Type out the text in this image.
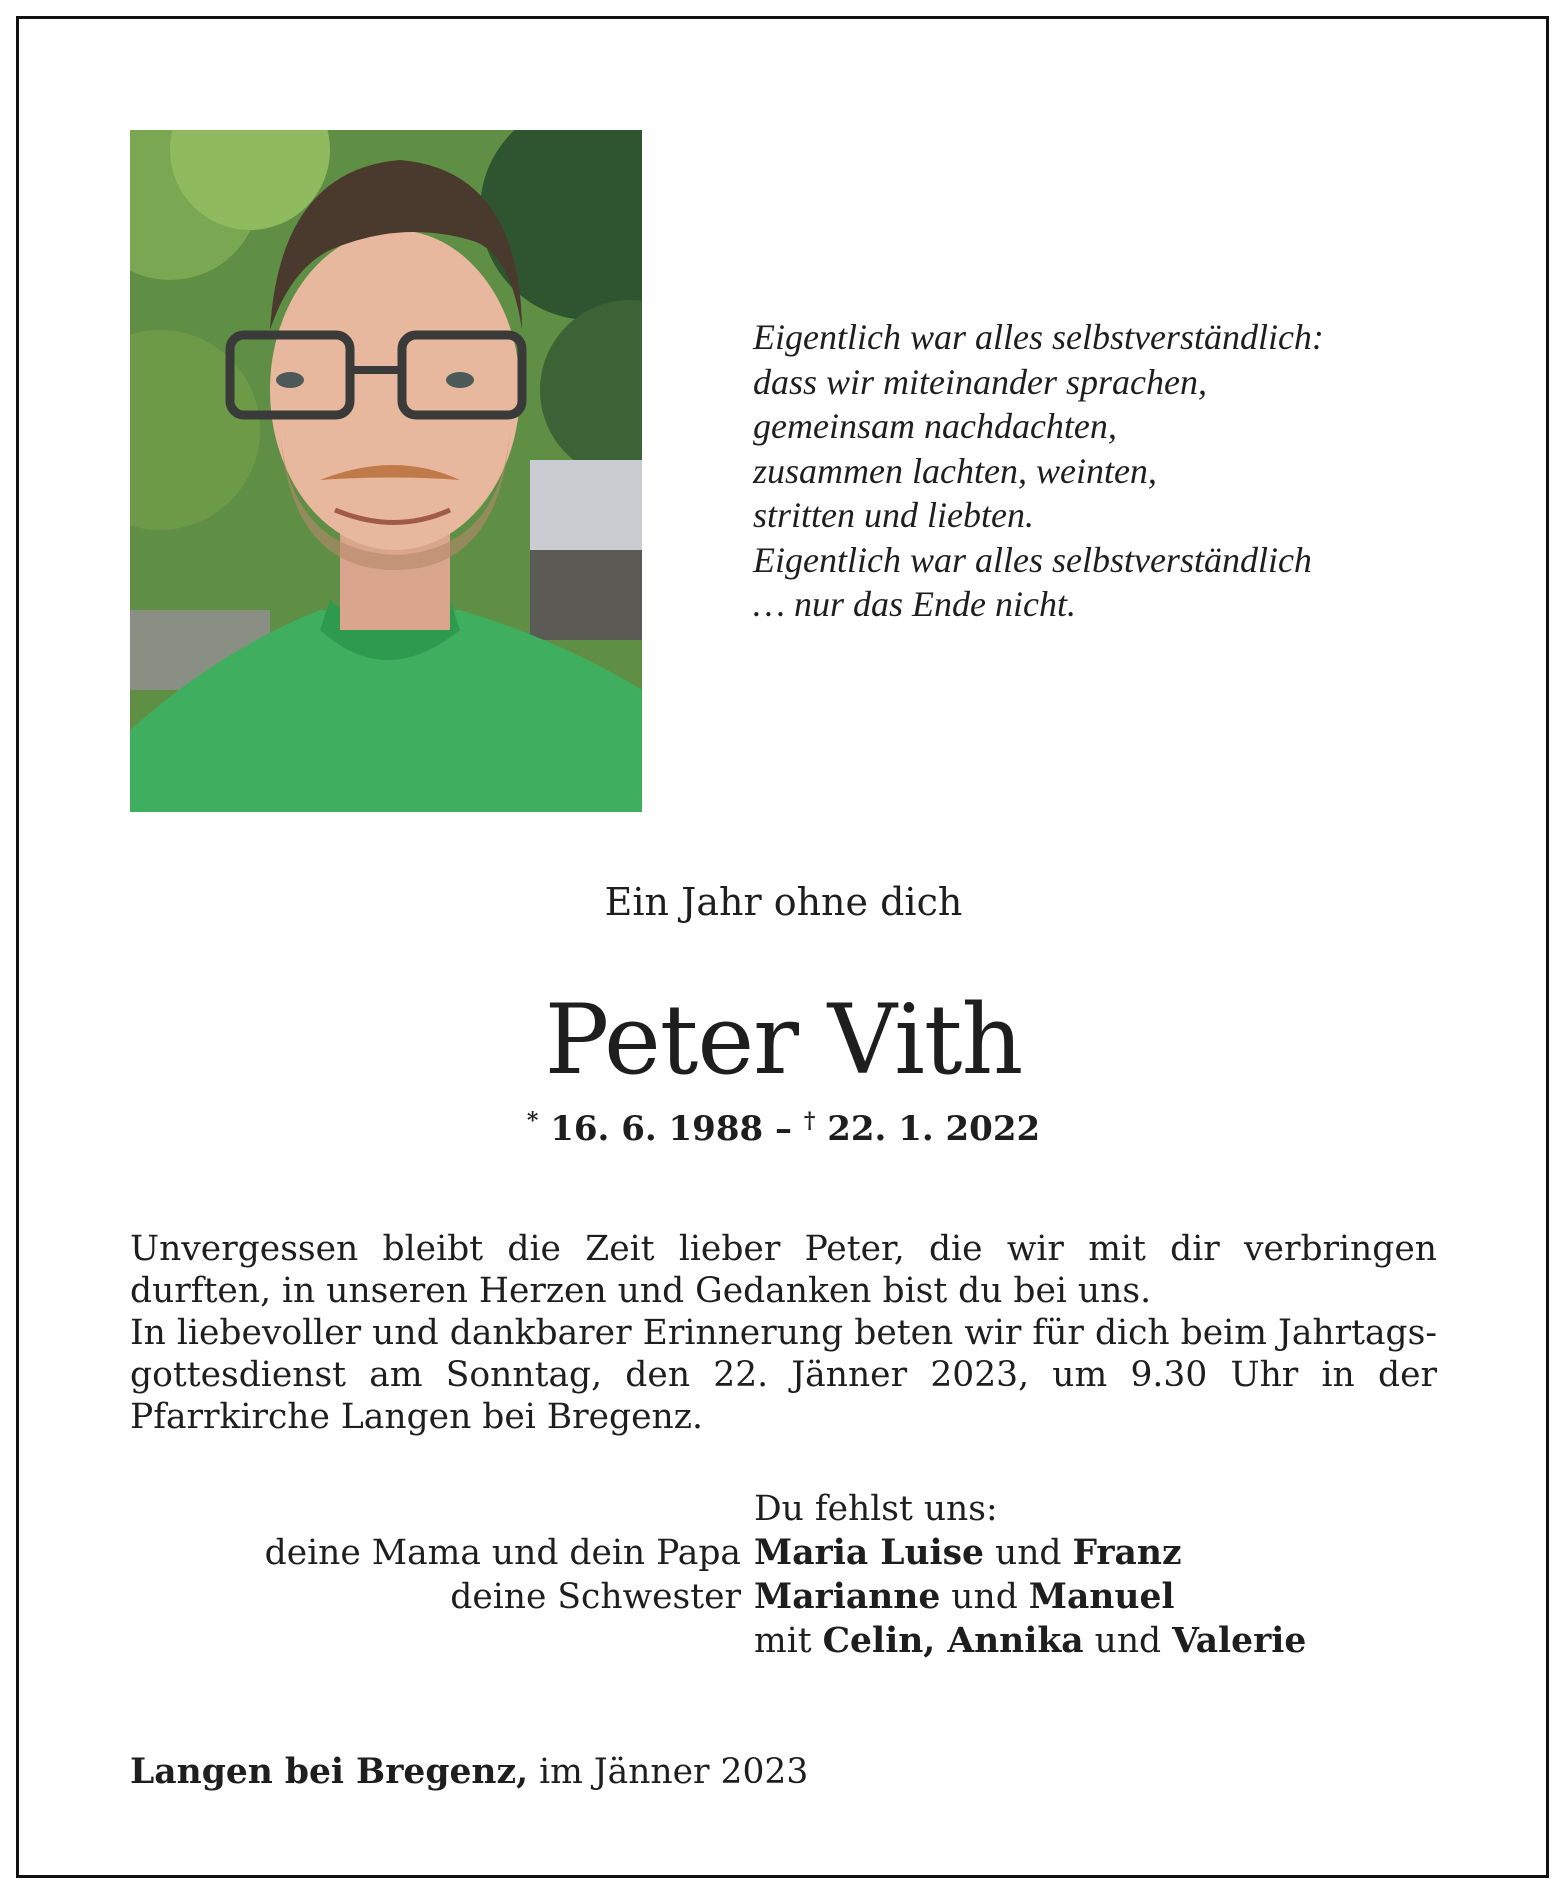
Eigentlich war alles selbstverständlich:
dass wir miteinander sprachen,
gemeinsam nachdachten,
zusammen lachten, weinten,
stritten und liebten.
Eigentlich war alles selbstverständlich
… nur das Ende nicht.
Ein Jahr ohne dich
Peter Vith
* 16. 6. 1988 – † 22. 1. 2022

Unvergessen bleibt die Zeit lieber Peter, die wir mit dir verbringen durften, in unseren Herzen und Gedanken bist du bei uns.

In liebevoller und dankbarer Erinnerung beten wir für dich beim Jahrtagsgottesdienst am Sonntag, den 22. Jänner 2023, um 9.30 Uhr in der Pfarrkirche Langen bei Bregenz.

Du fehlst uns:
deine Mama und dein Papa Maria Luise und Franz
deine Schwester Marianne und Manuel
mit Celin, Annika und Valerie
Langen bei Bregenz, im Jänner 2023
